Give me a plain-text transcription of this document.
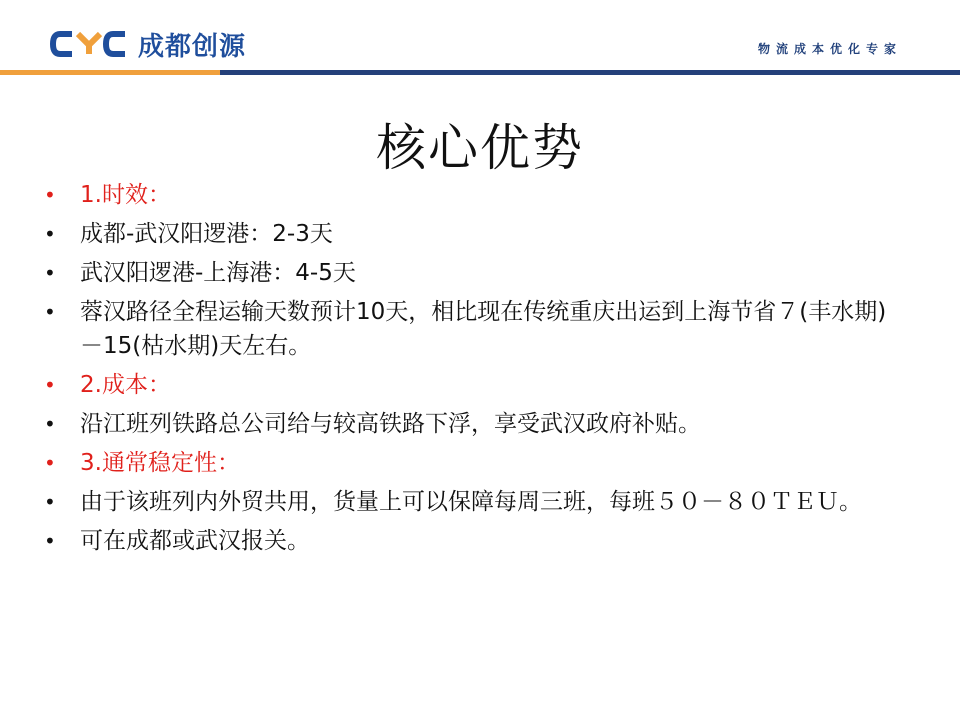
成都创源	物流成本优化专家
核心优势
• 1.时效：
• 成都-武汉阳逻港：2-3天
• 武汉阳逻港-上海港：4-5天
• 蓉汉路径全程运输天数预计10天，相比现在传统重庆出运到上海节省７(丰水期)－15(枯水期)天左右。
• 2.成本：
• 沿江班列铁路总公司给与较高铁路下浮，享受武汉政府补贴。
• 3.通常稳定性：
• 由于该班列内外贸共用，货量上可以保障每周三班，每班５０－８０ＴＥＵ。
• 可在成都或武汉报关。
